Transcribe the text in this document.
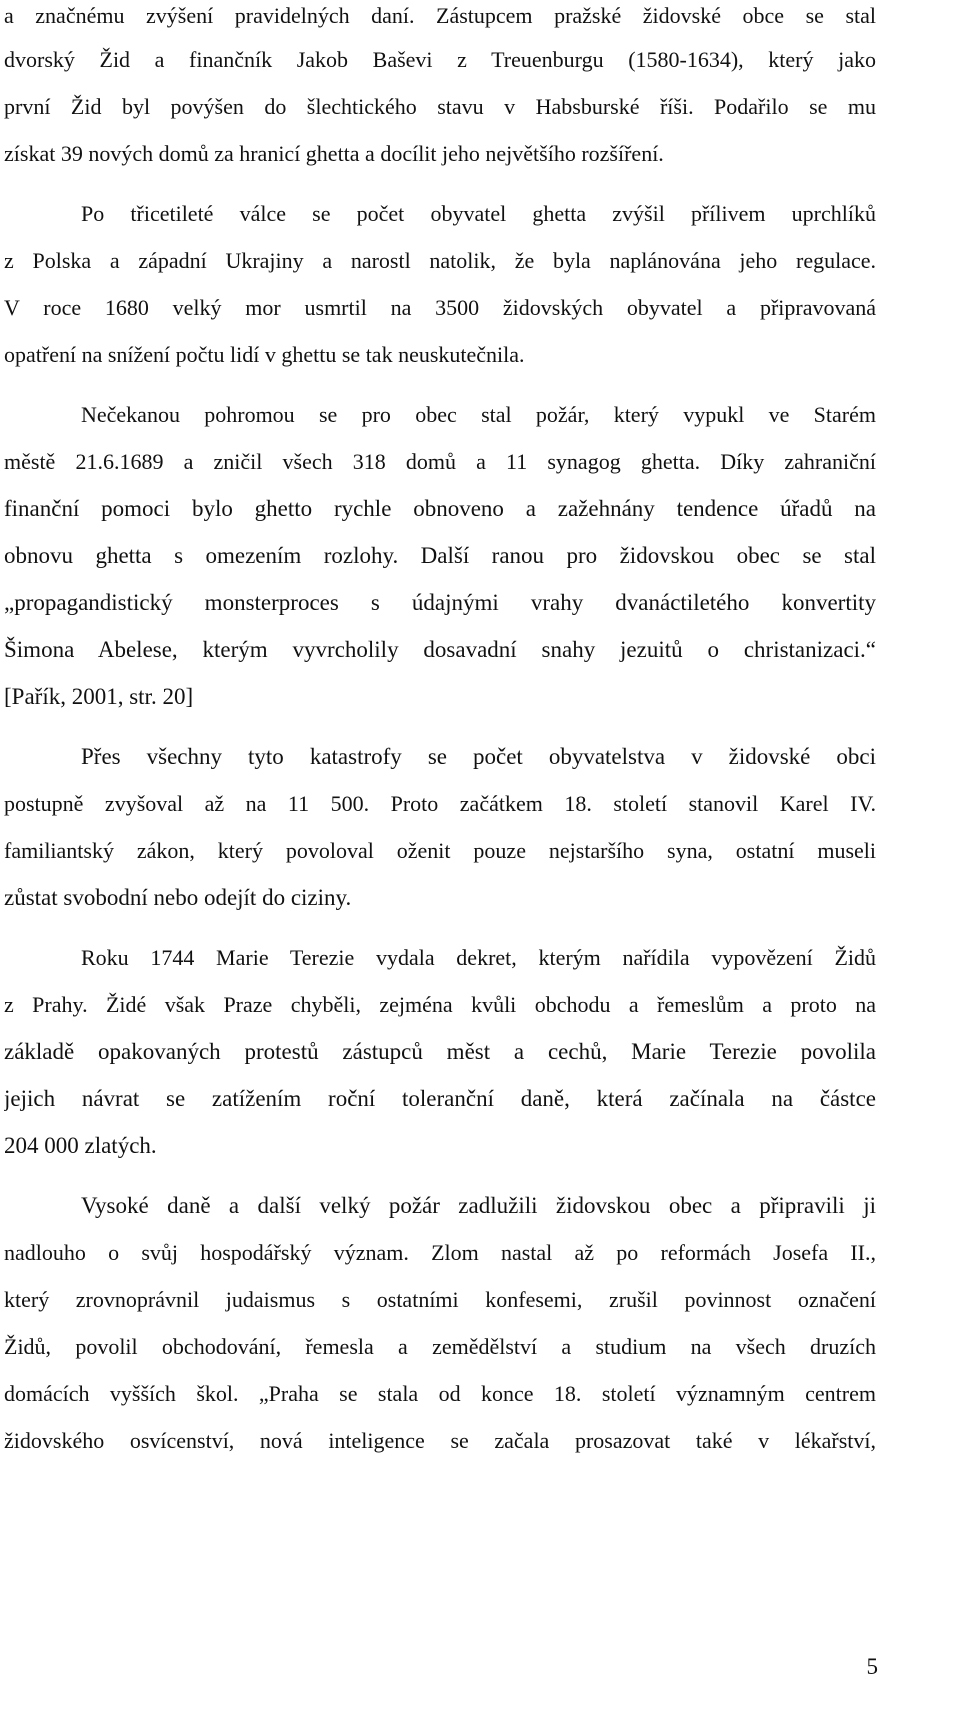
a značnému zvýšení pravidelných daní. Zástupcem pražské židovské obce se stal
dvorský Žid a finančník Jakob Baševi z Treuenburgu (1580-1634), který jako
první Žid byl povýšen do šlechtického stavu v Habsburské říši. Podařilo se mu
získat 39 nových domů za hranicí ghetta a docílit jeho největšího rozšíření.
Po třicetileté válce se počet obyvatel ghetta zvýšil přílivem uprchlíků
z Polska a západní Ukrajiny a narostl natolik, že byla naplánována jeho regulace.
V roce 1680 velký mor usmrtil na 3500 židovských obyvatel a připravovaná
opatření na snížení počtu lidí v ghettu se tak neuskutečnila.
Nečekanou pohromou se pro obec stal požár, který vypukl ve Starém
městě 21.6.1689 a zničil všech 318 domů a 11 synagog ghetta. Díky zahraniční
finanční pomoci bylo ghetto rychle obnoveno a zažehnány tendence úřadů na
obnovu ghetta s omezením rozlohy. Další ranou pro židovskou obec se stal
„propagandistický monsterproces s údajnými vrahy dvanáctiletého konvertity
Šimona Abelese, kterým vyvrcholily dosavadní snahy jezuitů o christanizaci.“
[Pařík, 2001, str. 20]
Přes všechny tyto katastrofy se počet obyvatelstva v židovské obci
postupně zvyšoval až na 11 500. Proto začátkem 18. století stanovil Karel IV.
familiantský zákon, který povoloval oženit pouze nejstaršího syna, ostatní museli
zůstat svobodní nebo odejít do ciziny.
Roku 1744 Marie Terezie vydala dekret, kterým nařídila vypovězení Židů
z Prahy. Židé však Praze chyběli, zejména kvůli obchodu a řemeslům a proto na
základě opakovaných protestů zástupců měst a cechů, Marie Terezie povolila
jejich návrat se zatížením roční toleranční daně, která začínala na částce
204 000 zlatých.
Vysoké daně a další velký požár zadlužili židovskou obec a připravili ji
nadlouho o svůj hospodářský význam. Zlom nastal až po reformách Josefa II.,
který zrovnoprávnil judaismus s ostatními konfesemi, zrušil povinnost označení
Židů, povolil obchodování, řemesla a zemědělství a studium na všech druzích
domácích vyšších škol. „Praha se stala od konce 18. století významným centrem
židovského osvícenství, nová inteligence se začala prosazovat také v lékařství,
5
